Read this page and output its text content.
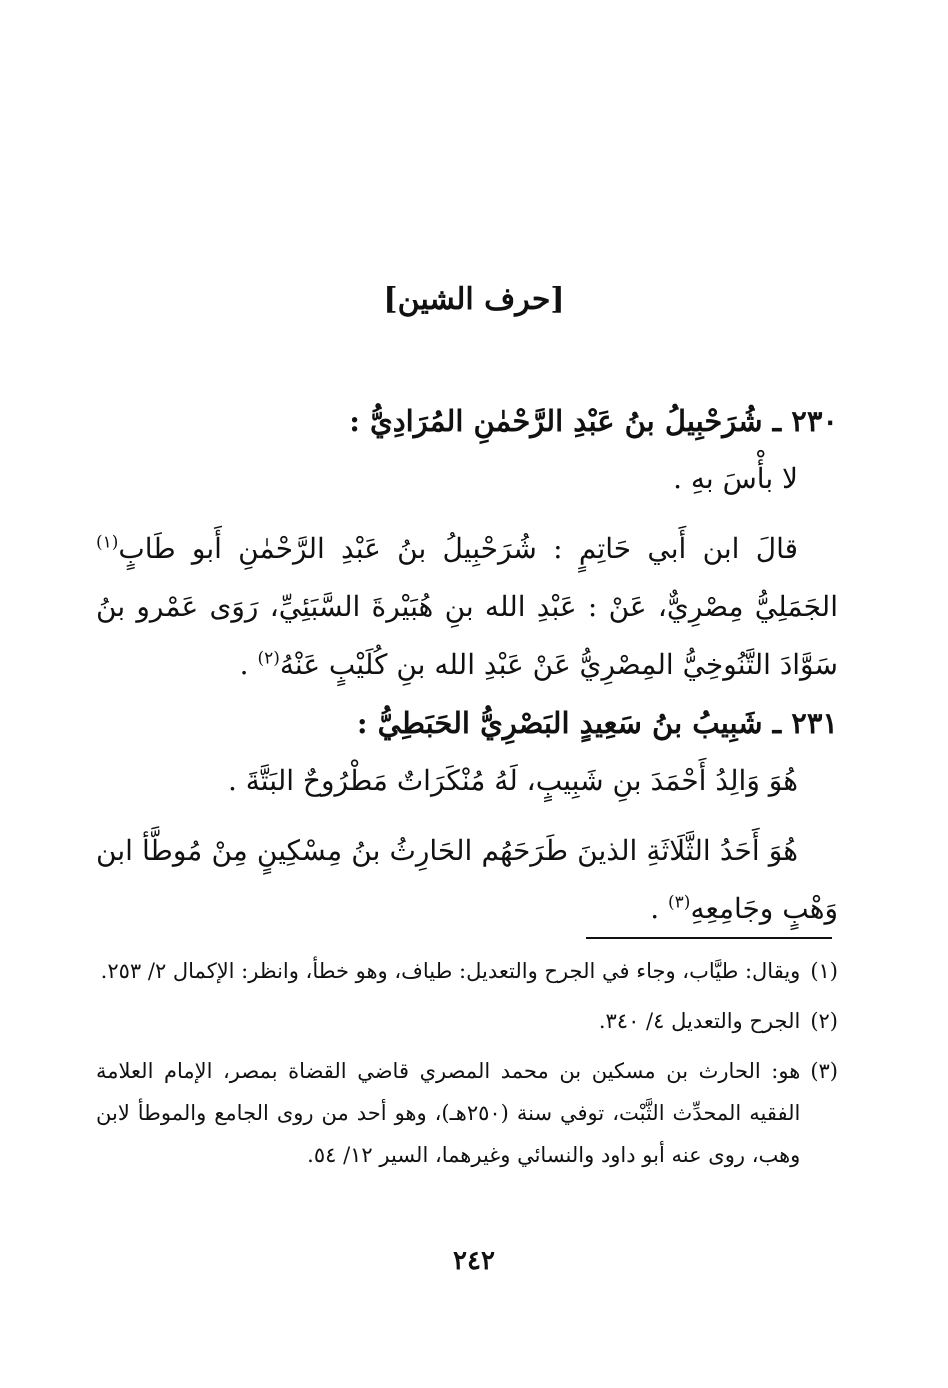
[حرف الشين]

٢٣٠ ـ شُرَحْبِيلُ بنُ عَبْدِ الرَّحْمٰنِ المُرَادِيُّ :

لا بأْسَ بهِ .

قالَ ابن أَبي حَاتِمٍ : شُرَحْبِيلُ بنُ عَبْدِ الرَّحْمٰنِ أَبو طَابٍ$^{(١)}$ الجَمَلِيُّ مِصْرِيٌّ، عَنْ : عَبْدِ الله بنِ هُبَيْرةَ السَّبَئِيِّ، رَوَى عَمْرو بنُ سَوَّادَ التَّنُوخِيُّ المِصْرِيُّ عَنْ عَبْدِ الله بنِ كُلَيْبٍ عَنْهُ$^{(٢)}$ .

٢٣١ ـ شَبِيبُ بنُ سَعِيدٍ البَصْرِيُّ الحَبَطِيُّ :

هُوَ وَالِدُ أَحْمَدَ بنِ شَبِيبٍ، لَهُ مُنْكَرَاتٌ مَطْرُوحٌ البَتَّةَ .

هُوَ أَحَدُ الثَّلَاثَةِ الذينَ طَرَحَهُم الحَارِثُ بنُ مِسْكِينٍ مِنْ مُوطَّأ ابن وَهْبٍ وجَامِعِهِ$^{(٣)}$ .

(١)
ويقال: طيَّاب، وجاء في الجرح والتعديل: طياف، وهو خطأ، وانظر: الإكمال ٢/ ٢٥٣.
(٢)
الجرح والتعديل ٤/ ٣٤٠.
(٣)
هو: الحارث بن مسكين بن محمد المصري قاضي القضاة بمصر، الإمام العلامة الفقيه المحدِّث الثَّبْت، توفي سنة (٢٥٠هـ)، وهو أحد من روى الجامع والموطأ لابن وهب، روى عنه أبو داود والنسائي وغيرهما، السير ١٢/ ٥٤.
٢٤٢
